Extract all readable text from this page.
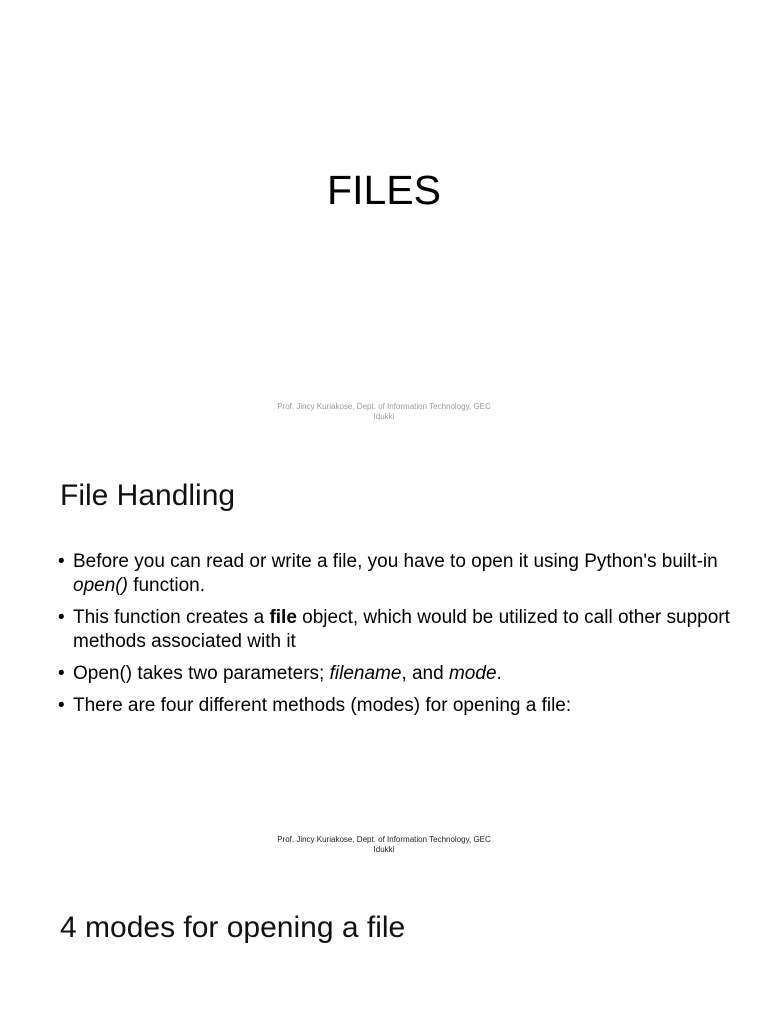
FILES
Prof. Jincy Kuriakose, Dept. of Information Technology, GEC
Idukki
File Handling
• Before you can read or write a file, you have to open it using Python's built-in open() function.
• This function creates a file object, which would be utilized to call other support methods associated with it
• Open() takes two parameters; filename, and mode.
• There are four different methods (modes) for opening a file:
Prof. Jincy Kuriakose, Dept. of Information Technology, GEC
Idukki
4 modes for opening a file
